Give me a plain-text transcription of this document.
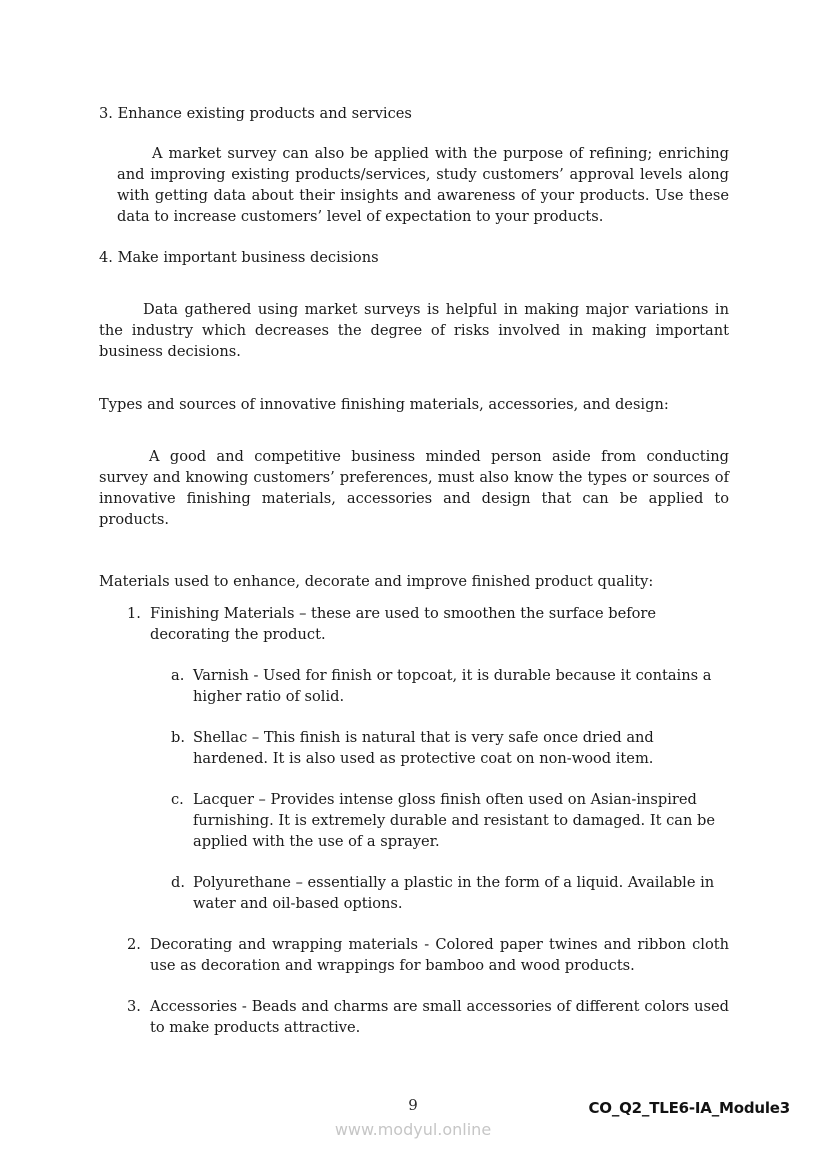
3. Enhance existing products and services

A market survey can also be applied with the purpose of refining; enriching and improving existing products/services, study customers’ approval levels along with getting data about their insights and awareness of your products. Use these data to increase customers’ level of expectation to your products.

4. Make important business decisions

Data gathered using market surveys is helpful in making major variations in the industry which decreases the degree of risks involved in making important business decisions.

Types and sources of innovative finishing materials, accessories, and design:

A good and competitive business minded person aside from conducting survey and knowing customers’ preferences, must also know the types or sources of innovative finishing materials, accessories and design that can be applied to products.

Materials used to enhance, decorate and improve finished product quality:

1. Finishing Materials – these are used to smoothen the surface before decorating the product.
a. Varnish - Used for finish or topcoat, it is durable because it contains a higher ratio of solid.
b. Shellac – This finish is natural that is very safe once dried and hardened. It is also used as protective coat on non-wood item.
c. Lacquer – Provides intense gloss finish often used on Asian-inspired furnishing. It is extremely durable and resistant to damaged. It can be applied with the use of a sprayer.
d. Polyurethane – essentially a plastic in the form of a liquid. Available in water and oil-based options.
2. Decorating and wrapping materials - Colored paper twines and ribbon cloth use as decoration and wrappings for bamboo and wood products.
3. Accessories - Beads and charms are small accessories of different colors used to make products attractive.
9	CO_Q2_TLE6-IA_Module3
www.modyul.online
